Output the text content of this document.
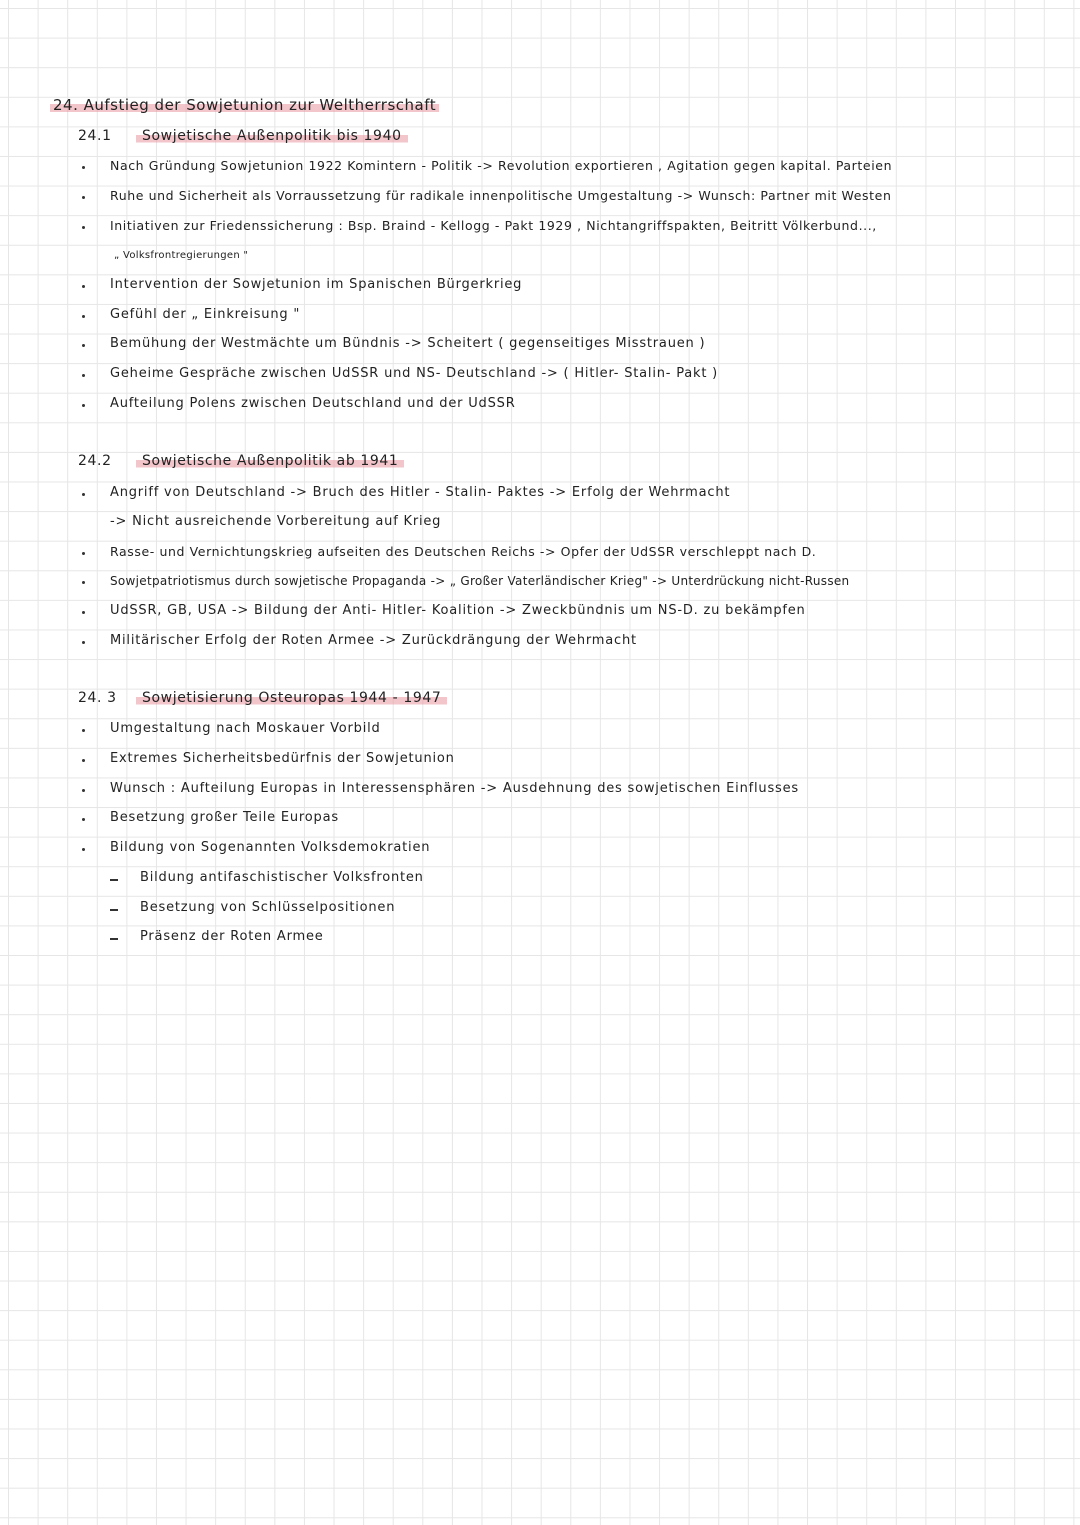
24. Aufstieg der Sowjetunion zur Weltherrschaft
24.1 Sowjetische Außenpolitik bis 1940
Nach Gründung Sowjetunion 1922 Komintern - Politik -> Revolution exportieren , Agitation gegen kapital. Parteien
Ruhe und Sicherheit als Vorraussetzung für radikale innenpolitische Umgestaltung -> Wunsch: Partner mit Westen
Initiativen zur Friedenssicherung : Bsp. Braind - Kellogg - Pakt 1929 , Nichtangriffspakten, Beitritt Völkerbund...,
„ Volksfrontregierungen "
Intervention der Sowjetunion im Spanischen Bürgerkrieg
Gefühl der „ Einkreisung "
Bemühung der Westmächte um Bündnis -> Scheitert ( gegenseitiges Misstrauen )
Geheime Gespräche zwischen UdSSR und NS- Deutschland -> ( Hitler- Stalin- Pakt )
Aufteilung Polens zwischen Deutschland und der UdSSR
24.2 Sowjetische Außenpolitik ab 1941
Angriff von Deutschland -> Bruch des Hitler - Stalin- Paktes -> Erfolg der Wehrmacht
-> Nicht ausreichende Vorbereitung auf Krieg
Rasse- und Vernichtungskrieg aufseiten des Deutschen Reichs -> Opfer der UdSSR verschleppt nach D.
Sowjetpatriotismus durch sowjetische Propaganda -> „ Großer Vaterländischer Krieg" -> Unterdrückung nicht-Russen
UdSSR, GB, USA -> Bildung der Anti- Hitler- Koalition -> Zweckbündnis um NS-D. zu bekämpfen
Militärischer Erfolg der Roten Armee -> Zurückdrängung der Wehrmacht
24. 3 Sowjetisierung Osteuropas 1944 - 1947
Umgestaltung nach Moskauer Vorbild
Extremes Sicherheitsbedürfnis der Sowjetunion
Wunsch : Aufteilung Europas in Interessensphären -> Ausdehnung des sowjetischen Einflusses
Besetzung großer Teile Europas
Bildung von Sogenannten Volksdemokratien
Bildung antifaschistischer Volksfronten
Besetzung von Schlüsselpositionen
Präsenz der Roten Armee
